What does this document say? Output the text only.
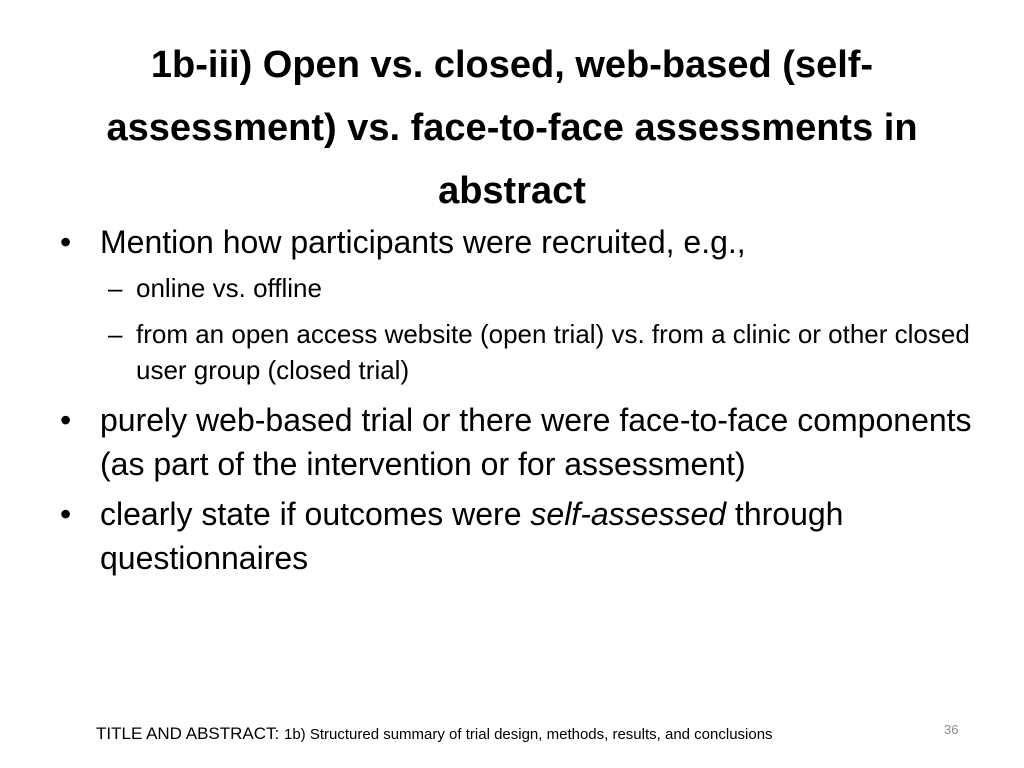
1b-iii) Open vs. closed, web-based (self-
assessment) vs. face-to-face assessments in
abstract
• Mention how participants were recruited, e.g.,
– online vs. offline
– from an open access website (open trial) vs. from a clinic or other closed user group (closed trial)
• purely web-based trial or there were face-to-face components (as part of the intervention or for assessment)
• clearly state if outcomes were self-assessed through questionnaires
TITLE AND ABSTRACT: 1b) Structured summary of trial design, methods, results, and conclusions	36
